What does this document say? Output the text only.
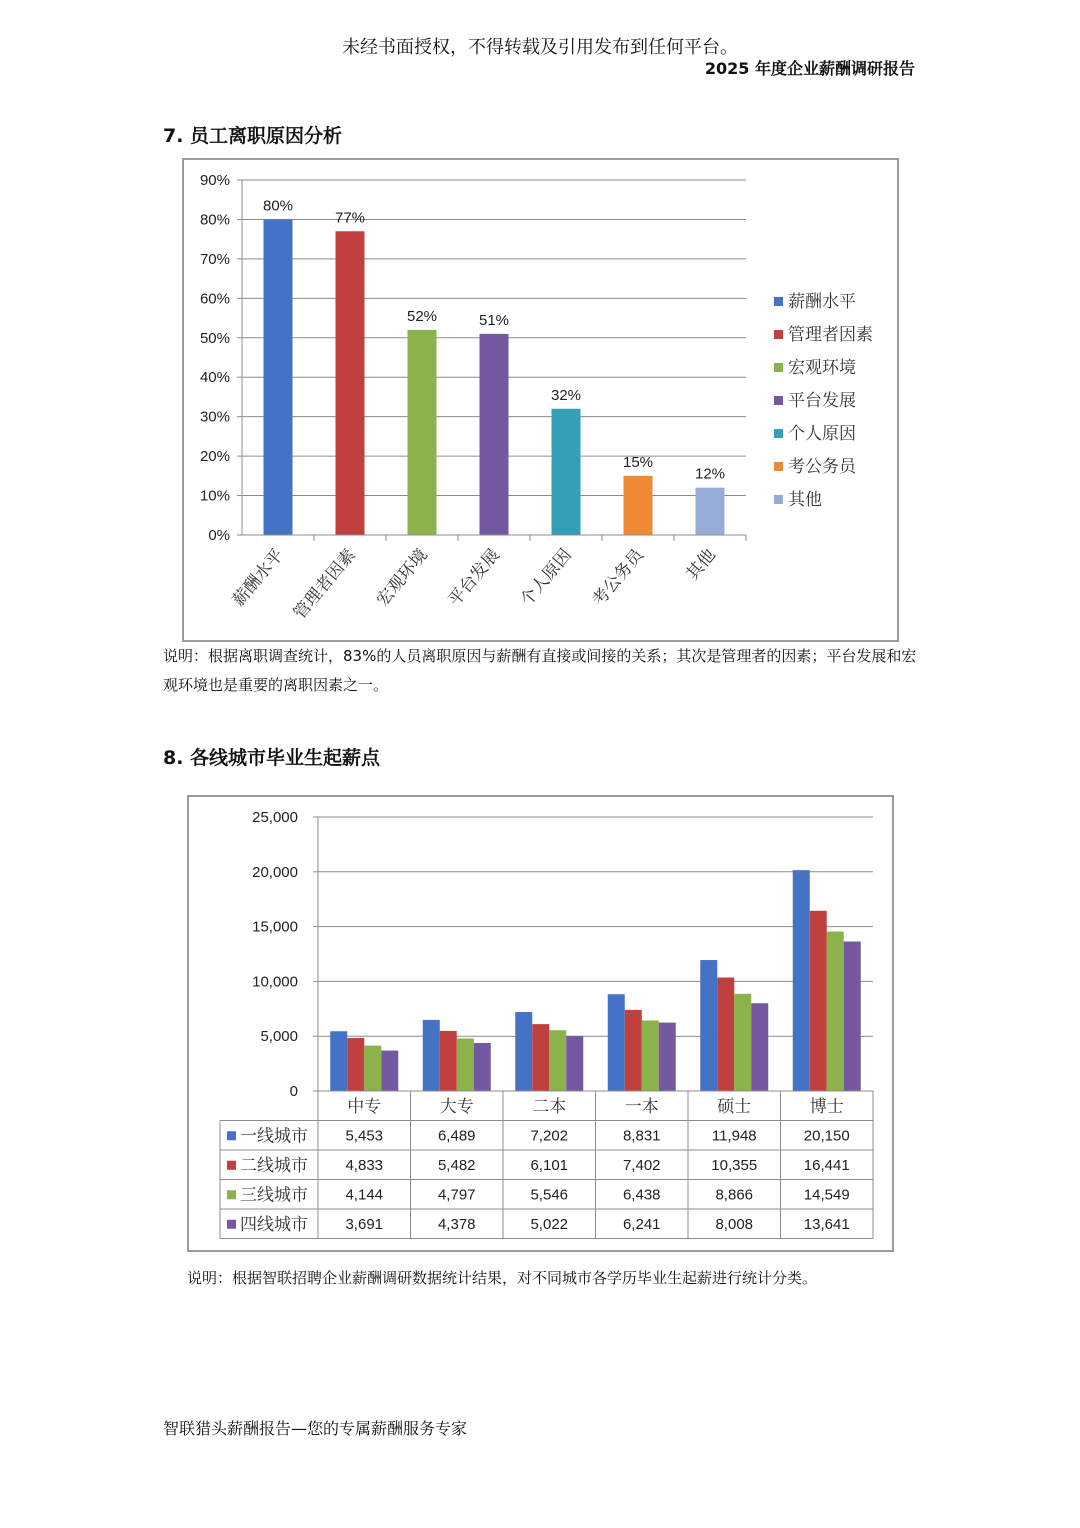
未经书面授权，不得转载及引用发布到任何平台。
2025 年度企业薪酬调研报告
7. 员工离职原因分析
0%
10%
20%
30%
40%
50%
60%
70%
80%
90%
80%
薪酬水平
77%
管理者因素
52%
宏观环境
51%
平台发展
32%
个人原因
15%
考公务员
12%
其他
薪酬水平
管理者因素
宏观环境
平台发展
个人原因
考公务员
其他
说明：根据离职调查统计，83%的人员离职原因与薪酬有直接或间接的关系；其次是管理者的因素；平台发展和宏观环境也是重要的离职因素之一。
8. 各线城市毕业生起薪点
0
5,000
10,000
15,000
20,000
25,000
中专	大专	二本	一本	硕士	博士
一线城市 5,453	6,489	7,202	8,831	11,948	20,150
二线城市 4,833	5,482	6,101	7,402	10,355	16,441
三线城市 4,144	4,797	5,546	6,438	8,866	14,549
四线城市 3,691	4,378	5,022	6,241	8,008	13,641
说明：根据智联招聘企业薪酬调研数据统计结果，对不同城市各学历毕业生起薪进行统计分类。
智联猎头薪酬报告—您的专属薪酬服务专家
